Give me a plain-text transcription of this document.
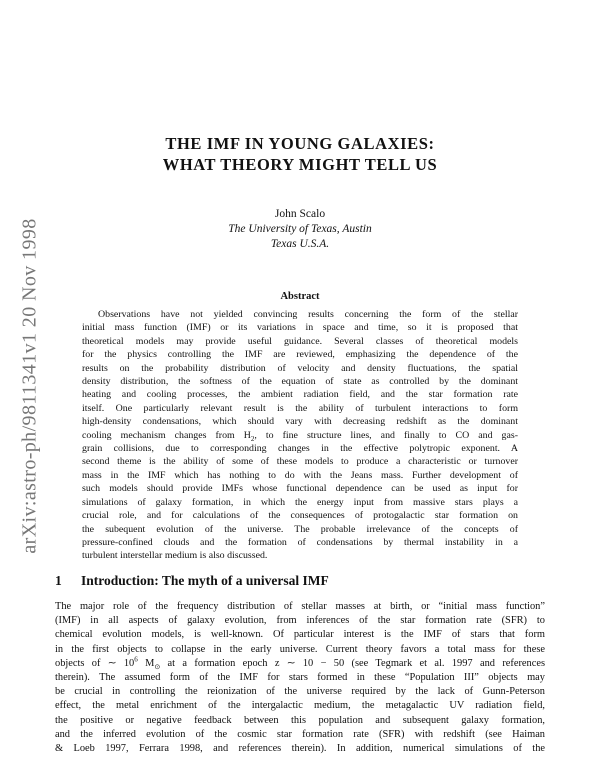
arXiv:astro-ph/9811341v1 20 Nov 1998
THE IMF IN YOUNG GALAXIES:
WHAT THEORY MIGHT TELL US
John Scalo
The University of Texas, Austin
Texas U.S.A.
Abstract
Observations have not yielded convincing results concerning the form of the stellar
initial mass function (IMF) or its variations in space and time, so it is proposed that
theoretical models may provide useful guidance. Several classes of theoretical models
for the physics controlling the IMF are reviewed, emphasizing the dependence of the
results on the probability distribution of velocity and density fluctuations, the spatial
density distribution, the softness of the equation of state as controlled by the dominant
heating and cooling processes, the ambient radiation field, and the star formation rate
itself. One particularly relevant result is the ability of turbulent interactions to form
high-density condensations, which should vary with decreasing redshift as the dominant
cooling mechanism changes from $H_2$, to fine structure lines, and finally to CO and gas-
grain collisions, due to corresponding changes in the effective polytropic exponent. A
second theme is the ability of some of these models to produce a characteristic or turnover
mass in the IMF which has nothing to do with the Jeans mass. Further development of
such models should provide IMFs whose functional dependence can be used as input for
simulations of galaxy formation, in which the energy input from massive stars plays a
crucial role, and for calculations of the consequences of protogalactic star formation on
the subequent evolution of the universe. The probable irrelevance of the concepts of
pressure-confined clouds and the formation of condensations by thermal instability in a
turbulent interstellar medium is also discussed.
1 Introduction: The myth of a universal IMF
The major role of the frequency distribution of stellar masses at birth, or “initial mass function”
(IMF) in all aspects of galaxy evolution, from inferences of the star formation rate (SFR) to
chemical evolution models, is well-known. Of particular interest is the IMF of stars that form
in the first objects to collapse in the early universe. Current theory favors a total mass for these
objects of ∼ $10^6$ $M_⊙$ at a formation epoch z ∼ 10 − 50 (see Tegmark et al. 1997 and references
therein). The assumed form of the IMF for stars formed in these “Population III” objects may
be crucial in controlling the reionization of the universe required by the lack of Gunn-Peterson
effect, the metal enrichment of the intergalactic medium, the metagalactic UV radiation field,
the positive or negative feedback between this population and subsequent galaxy formation,
and the inferred evolution of the cosmic star formation rate (SFR) with redshift (see Haiman
& Loeb 1997, Ferrara 1998, and references therein). In addition, numerical simulations of the
